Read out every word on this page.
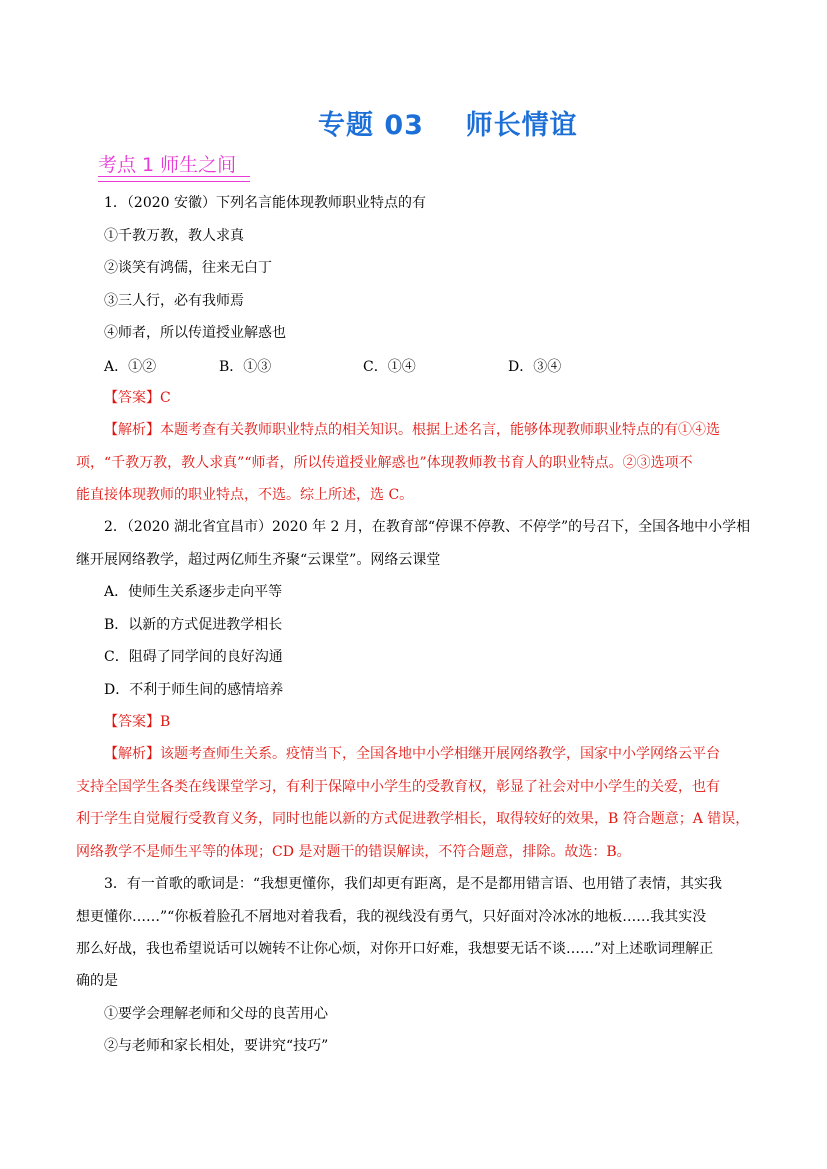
专题 03    师长情谊
考点 1 师生之间
1．（2020 安徽）下列名言能体现教师职业特点的有
①千教万教，教人求真
②谈笑有鸿儒，往来无白丁
③三人行，必有我师焉
④师者，所以传道授业解惑也
A．①②	B．①③	C．①④	D．③④
【答案】C
【解析】本题考查有关教师职业特点的相关知识。根据上述名言，能够体现教师职业特点的有①④选
项，“千教万教，教人求真”“师者，所以传道授业解惑也”体现教师教书育人的职业特点。②③选项不
能直接体现教师的职业特点，不选。综上所述，选 C。
2．（2020 湖北省宜昌市）2020 年 2 月，在教育部“停课不停教、不停学”的号召下，全国各地中小学相
继开展网络教学，超过两亿师生齐聚“云课堂”。网络云课堂
A．使师生关系逐步走向平等
B．以新的方式促进教学相长
C．阻碍了同学间的良好沟通
D．不利于师生间的感情培养
【答案】B
【解析】该题考查师生关系。疫情当下，全国各地中小学相继开展网络教学，国家中小学网络云平台
支持全国学生各类在线课堂学习，有利于保障中小学生的受教育权，彰显了社会对中小学生的关爱，也有
利于学生自觉履行受教育义务，同时也能以新的方式促进教学相长，取得较好的效果，B 符合题意；A 错误，
网络教学不是师生平等的体现；CD 是对题干的错误解读，不符合题意，排除。故选：B。
3．有一首歌的歌词是：“我想更懂你，我们却更有距离，是不是都用错言语、也用错了表情，其实我
想更懂你……”“你板着脸孔不屑地对着我看，我的视线没有勇气，只好面对冷冰冰的地板……我其实没
那么好战，我也希望说话可以婉转不让你心烦，对你开口好难，我想要无话不谈……”对上述歌词理解正
确的是
①要学会理解老师和父母的良苦用心
②与老师和家长相处，要讲究“技巧”
